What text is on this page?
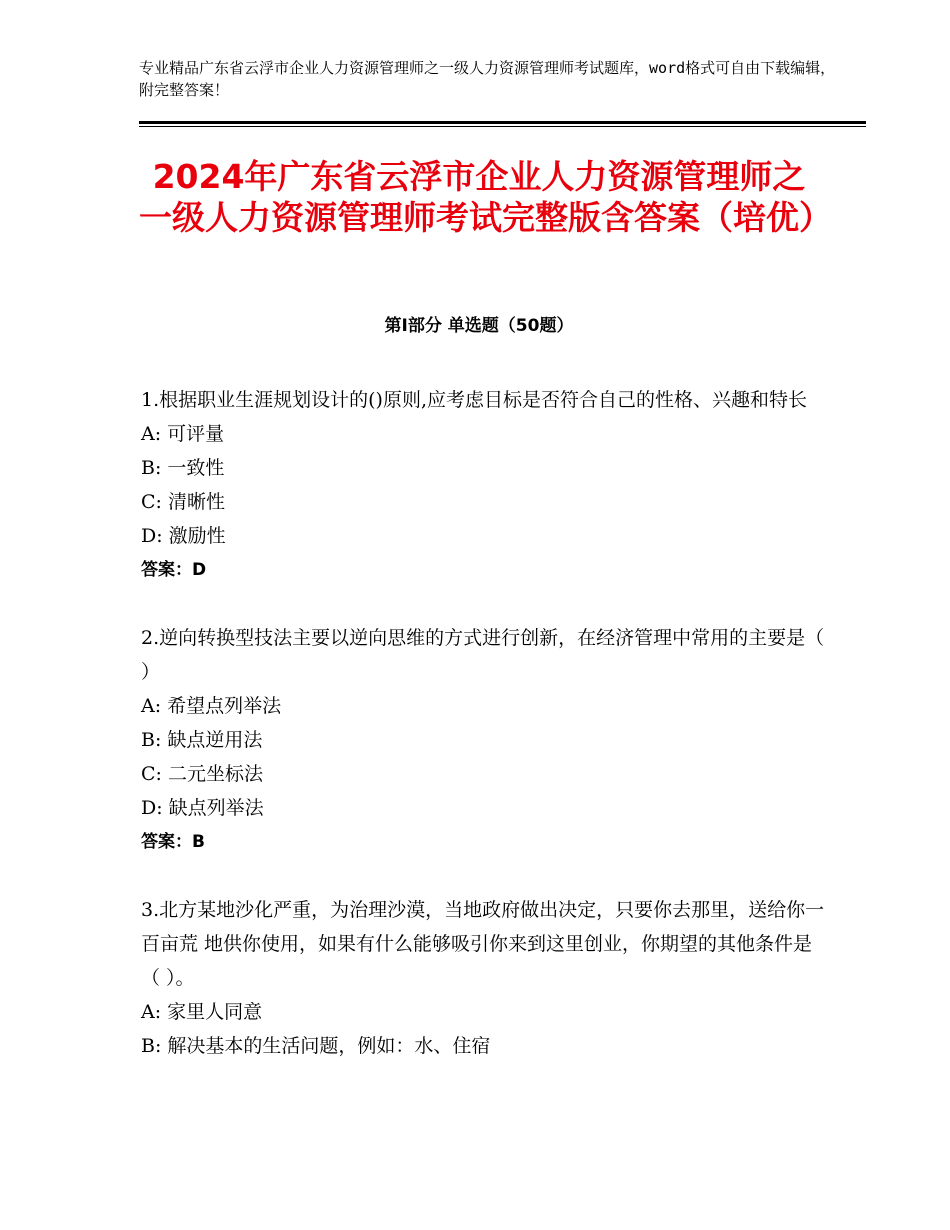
专业精品广东省云浮市企业人力资源管理师之一级人力资源管理师考试题库，word格式可自由下载编辑，附完整答案！
2024年广东省云浮市企业人力资源管理师之一级人力资源管理师考试完整版含答案（培优）
第Ⅰ部分 单选题（50题）
1.根据职业生涯规划设计的()原则,应考虑目标是否符合自己的性格、兴趣和特长
A: 可评量
B: 一致性
C: 清晰性
D: 激励性
答案：D
2.逆向转换型技法主要以逆向思维的方式进行创新，在经济管理中常用的主要是（ ）
A: 希望点列举法
B: 缺点逆用法
C: 二元坐标法
D: 缺点列举法
答案：B
3.北方某地沙化严重，为治理沙漠，当地政府做出决定，只要你去那里，送给你一百亩荒 地供你使用，如果有什么能够吸引你来到这里创业，你期望的其他条件是（ ）。
A: 家里人同意
B: 解决基本的生活问题，例如：水、住宿
